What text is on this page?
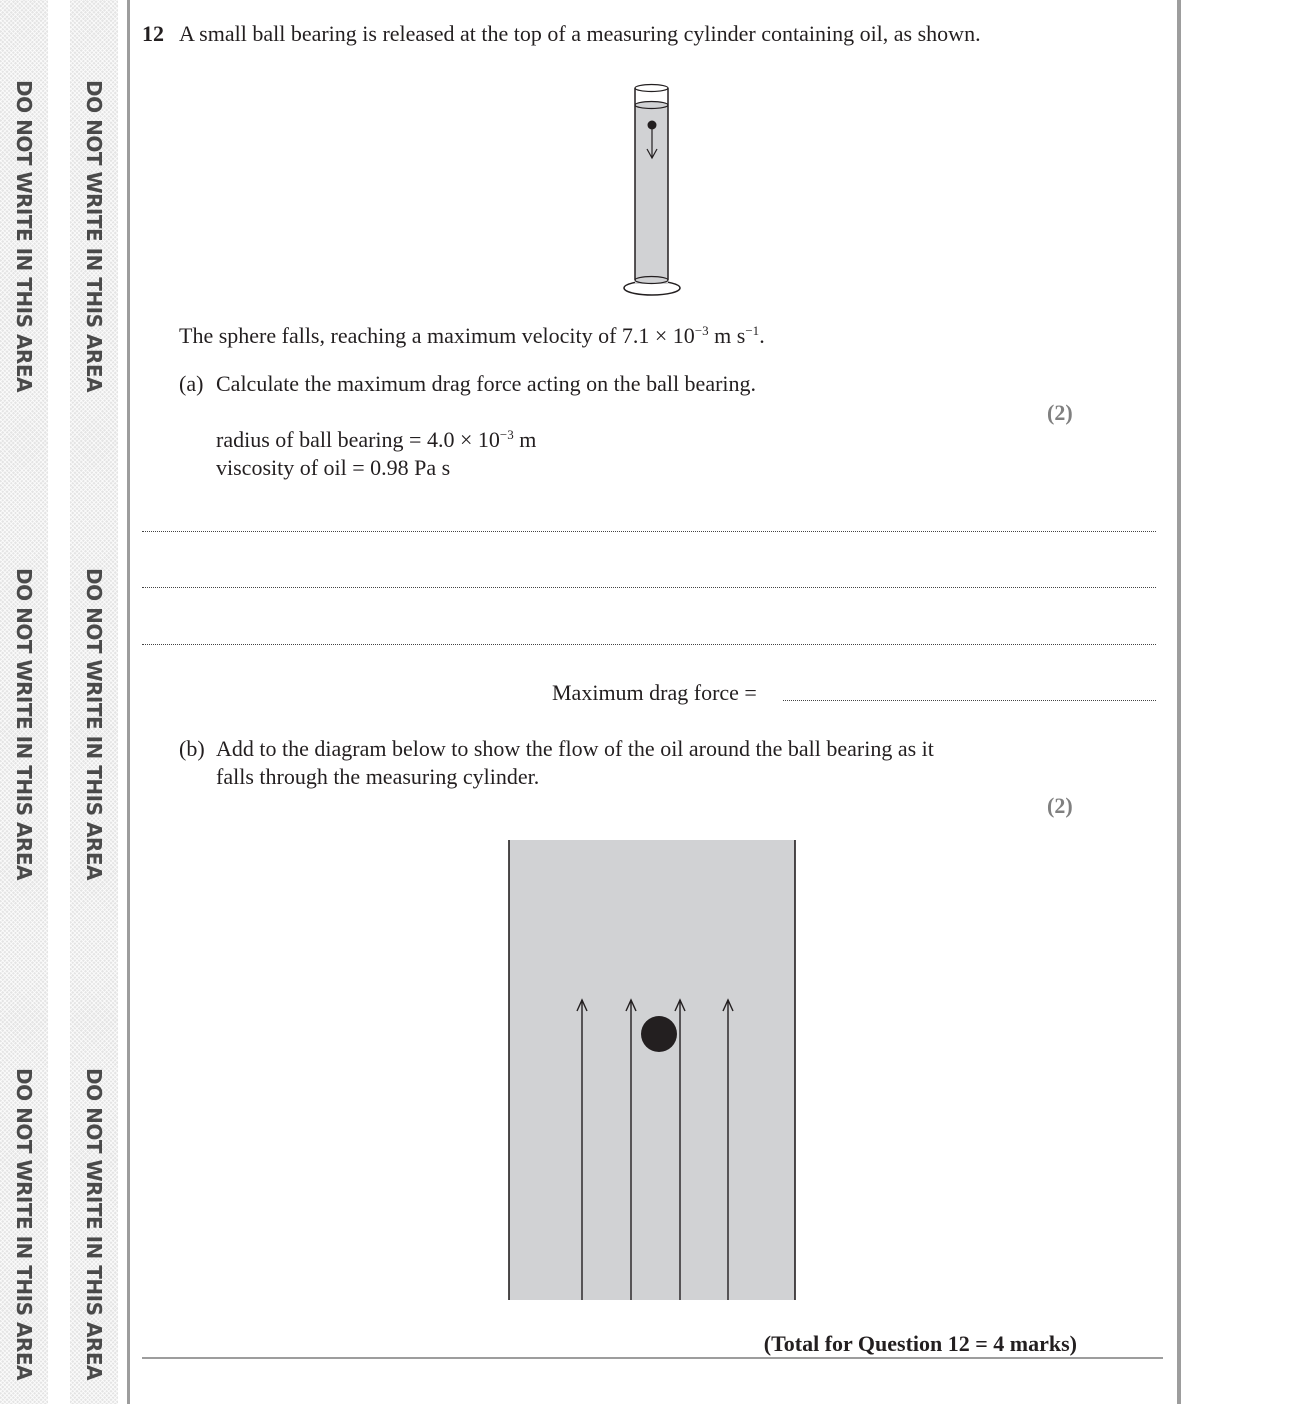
DO NOT WRITE IN THIS AREA
DO NOT WRITE IN THIS AREA
DO NOT WRITE IN THIS AREA
DO NOT WRITE IN THIS AREA
DO NOT WRITE IN THIS AREA
DO NOT WRITE IN THIS AREA
12 A small ball bearing is released at the top of a measuring cylinder containing oil, as shown.
The sphere falls, reaching a maximum velocity of $7.1 \times 10^{-3}$ m $s^{-1}$.
(a) Calculate the maximum drag force acting on the ball bearing.
(2)
radius of ball bearing = $4.0 \times 10^{-3}$ m
viscosity of oil = 0.98 Pa s
Maximum drag force =
(b) Add to the diagram below to show the flow of the oil around the ball bearing as it
falls through the measuring cylinder.
(2)
(Total for Question 12 = 4 marks)
